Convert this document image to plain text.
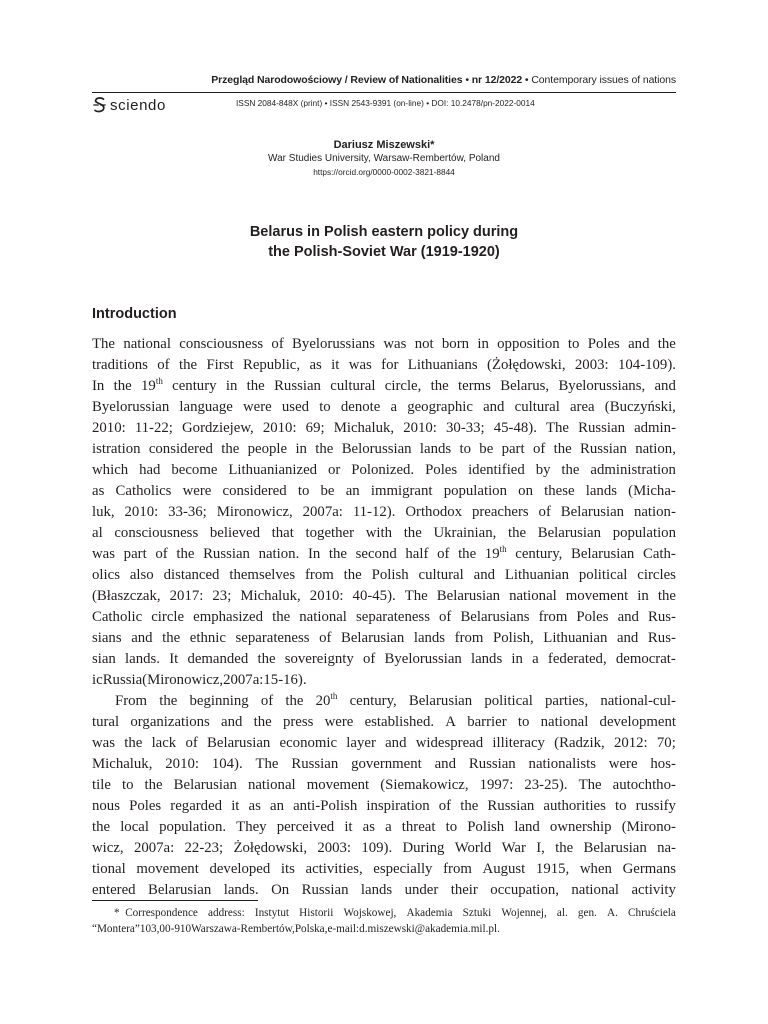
Przegląd Narodowościowy / Review of Nationalities • nr 12/2022 • Contemporary issues of nations
sciendo	ISSN 2084-848X (print) • ISSN 2543-9391 (on-line) • DOI: 10.2478/pn-2022-0014
Dariusz Miszewski*
War Studies University, Warsaw-Rembertów, Poland
https://orcid.org/0000-0002-3821-8844
Belarus in Polish eastern policy during
the Polish-Soviet War (1919-1920)
Introduction
The national consciousness of Byelorussians was not born in opposition to Poles and the
traditions of the First Republic, as it was for Lithuanians (Żołędowski, 2003: 104-109).
In the 19th century in the Russian cultural circle, the terms Belarus, Byelorussians, and
Byelorussian language were used to denote a geographic and cultural area (Buczyński,
2010: 11-22; Gordziejew, 2010: 69; Michaluk, 2010: 30-33; 45-48). The Russian admin-
istration considered the people in the Belorussian lands to be part of the Russian nation,
which had become Lithuanianized or Polonized. Poles identified by the administration
as Catholics were considered to be an immigrant population on these lands (Micha-
luk, 2010: 33-36; Mironowicz, 2007a: 11-12). Orthodox preachers of Belarusian nation-
al consciousness believed that together with the Ukrainian, the Belarusian population
was part of the Russian nation. In the second half of the 19th century, Belarusian Cath-
olics also distanced themselves from the Polish cultural and Lithuanian political circles
(Błaszczak, 2017: 23; Michaluk, 2010: 40-45). The Belarusian national movement in the
Catholic circle emphasized the national separateness of Belarusians from Poles and Rus-
sians and the ethnic separateness of Belarusian lands from Polish, Lithuanian and Rus-
sian lands. It demanded the sovereignty of Byelorussian lands in a federated, democrat-
ic Russia (Mironowicz, 2007a: 15-16).
From the beginning of the 20th century, Belarusian political parties, national-cul-
tural organizations and the press were established. A barrier to national development
was the lack of Belarusian economic layer and widespread illiteracy (Radzik, 2012: 70;
Michaluk, 2010: 104). The Russian government and Russian nationalists were hos-
tile to the Belarusian national movement (Siemakowicz, 1997: 23-25). The autochtho-
nous Poles regarded it as an anti-Polish inspiration of the Russian authorities to russify
the local population. They perceived it as a threat to Polish land ownership (Mirono-
wicz, 2007a: 22-23; Żołędowski, 2003: 109). During World War I, the Belarusian na-
tional movement developed its activities, especially from August 1915, when Germans
entered Belarusian lands. On Russian lands under their occupation, national activity
*  Correspondence address: Instytut Historii Wojskowej, Akademia Sztuki Wojennej, al. gen. A. Chruściela
“Montera” 103, 00-910 Warszawa-Rembertów, Polska, e-mail: d.miszewski@akademia.mil.pl.
